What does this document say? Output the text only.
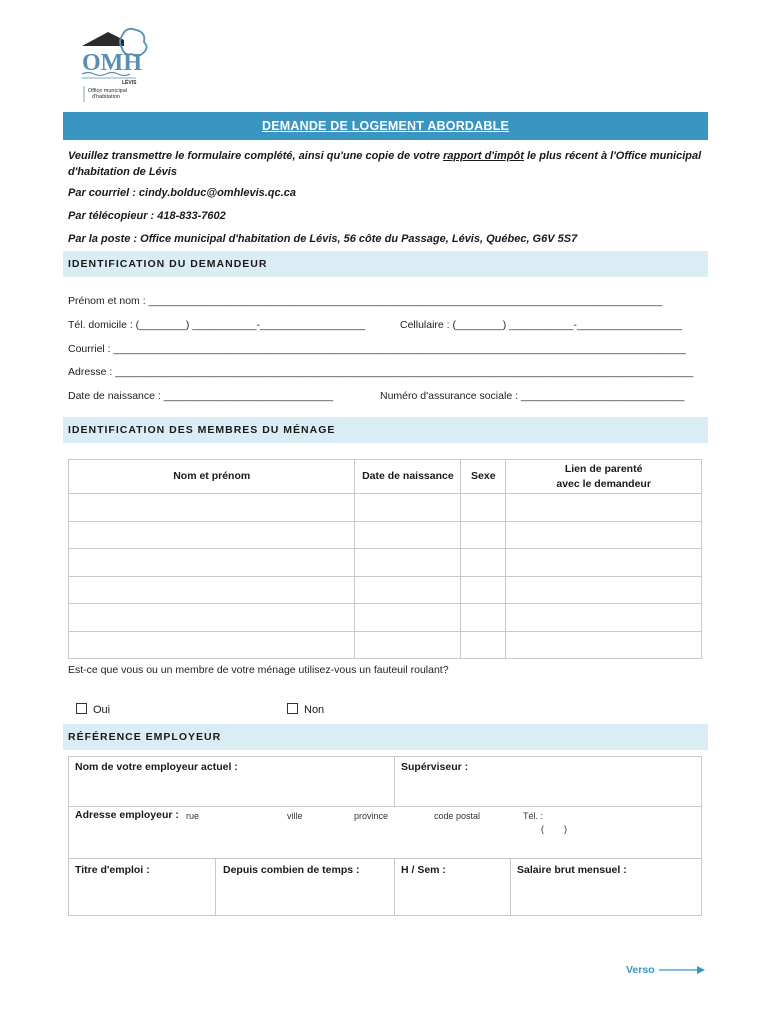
OMH
LÉVIS
Office municipal
d'habitation
DEMANDE DE LOGEMENT ABORDABLE
Veuillez transmettre le formulaire complété, ainsi qu'une copie de votre rapport d'impôt le plus récent à l'Office municipal d'habitation de Lévis
Par courriel : cindy.bolduc@omhlevis.qc.ca
Par télécopieur : 418-833-7602
Par la poste : Office municipal d'habitation de Lévis, 56 côte du Passage, Lévis, Québec, G6V 5S7
IDENTIFICATION DU DEMANDEUR
Prénom et nom : ________________________________________________________________________________________
Tél. domicile : (________) ___________-__________________	Cellulaire : (________) ___________-__________________
Courriel : __________________________________________________________________________________________________
Adresse : ___________________________________________________________________________________________________
Date de naissance : _____________________________	Numéro d'assurance sociale : ____________________________
IDENTIFICATION DES MEMBRES DU MÉNAGE
Nom et prénom	Date de naissance	Sexe	Lien de parenté
avec le demandeur

Est-ce que vous ou un membre de votre ménage utilisez-vous un fauteuil roulant?
Oui	Non
RÉFÉRENCE EMPLOYEUR
Nom de votre employeur actuel :	Supérviseur :
Adresse employeur : rue	ville	province	code postal	Tél. :
(        )
Titre d'emploi :	Depuis combien de temps :	H / Sem :	Salaire brut mensuel :
Verso
